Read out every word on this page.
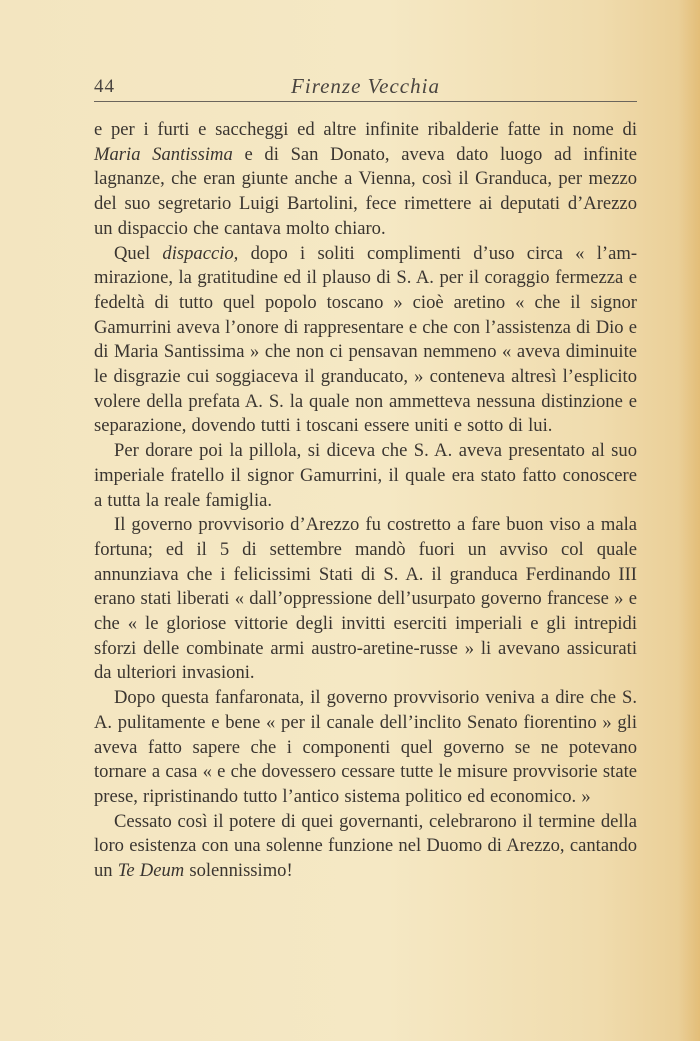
44	Firenze Vecchia

e per i furti e saccheggi ed altre infinite ribalderie fatte in nome di Maria Santissima e di San Donato, aveva dato luogo ad infinite lagnanze, che eran giunte anche a Vienna, così il Granduca, per mezzo del suo segretario Luigi Bartolini, fece rimettere ai deputati d’Arezzo un dispaccio che cantava molto chiaro.

Quel dispaccio, dopo i soliti complimenti d’uso circa « l’ammirazione, la gratitudine ed il plauso di S. A. per il coraggio fermezza e fedeltà di tutto quel popolo toscano » cioè aretino « che il signor Gamurrini aveva l’onore di rappresentare e che con l’assistenza di Dio e di Maria Santissima » che non ci pensavan nemmeno « aveva diminuite le disgrazie cui soggiaceva il granducato, » conteneva altresì l’esplicito volere della prefata A. S. la quale non ammetteva nessuna distinzione e separazione, dovendo tutti i toscani essere uniti e sotto di lui.

Per dorare poi la pillola, si diceva che S. A. aveva presentato al suo imperiale fratello il signor Gamurrini, il quale era stato fatto conoscere a tutta la reale famiglia.

Il governo provvisorio d’Arezzo fu costretto a fare buon viso a mala fortuna; ed il 5 di settembre mandò fuori un avviso col quale annunziava che i felicissimi Stati di S. A. il granduca Ferdinando III erano stati liberati « dall’oppressione dell’usurpato governo francese » e che « le gloriose vittorie degli invitti eserciti imperiali e gli intrepidi sforzi delle combinate armi austro-aretine-russe » li avevano assicurati da ulteriori invasioni.

Dopo questa fanfaronata, il governo provvisorio veniva a dire che S. A. pulitamente e bene « per il canale dell’inclito Senato fiorentino » gli aveva fatto sapere che i componenti quel governo se ne potevano tornare a casa « e che dovessero cessare tutte le misure provvisorie state prese, ripristinando tutto l’antico sistema politico ed economico. »

Cessato così il potere di quei governanti, celebrarono il termine della loro esistenza con una solenne funzione nel Duomo di Arezzo, cantando un Te Deum solennissimo!
